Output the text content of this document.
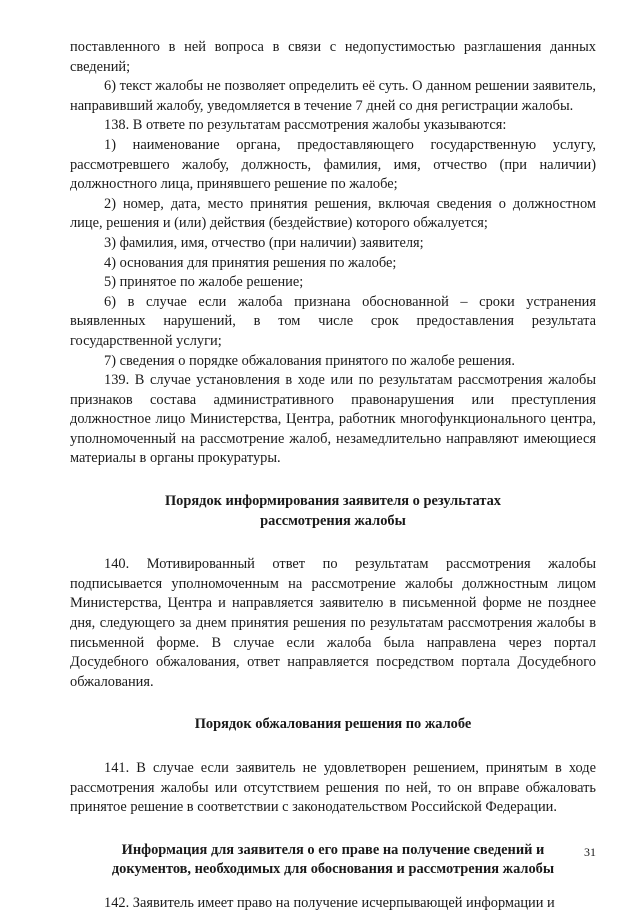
поставленного в ней вопроса в связи с недопустимостью разглашения данных сведений;

6) текст жалобы не позволяет определить её суть. О данном решении заявитель, направивший жалобу, уведомляется в течение 7 дней со дня регистрации жалобы.

138. В ответе по результатам рассмотрения жалобы указываются:

1) наименование органа, предоставляющего государственную услугу, рассмотревшего жалобу, должность, фамилия, имя, отчество (при наличии) должностного лица, принявшего решение по жалобе;

2) номер, дата, место принятия решения, включая сведения о должностном лице, решения и (или) действия (бездействие) которого обжалуется;

3) фамилия, имя, отчество (при наличии) заявителя;

4) основания для принятия решения по жалобе;

5) принятое по жалобе решение;

6) в случае если жалоба признана обоснованной – сроки устранения выявленных нарушений, в том числе срок предоставления результата государственной услуги;

7) сведения о порядке обжалования принятого по жалобе решения.

139. В случае установления в ходе или по результатам рассмотрения жалобы признаков состава административного правонарушения или преступления должностное лицо Министерства, Центра, работник многофункционального центра, уполномоченный на рассмотрение жалоб, незамедлительно направляют имеющиеся материалы в органы прокуратуры.

Порядок информирования заявителя о результатах
рассмотрения жалобы

140. Мотивированный ответ по результатам рассмотрения жалобы подписывается уполномоченным на рассмотрение жалобы должностным лицом Министерства, Центра и направляется заявителю в письменной форме не позднее дня, следующего за днем принятия решения по результатам рассмотрения жалобы в письменной форме. В случае если жалоба была направлена через портал Досудебного обжалования, ответ направляется посредством портала Досудебного обжалования.

Порядок обжалования решения по жалобе

141. В случае если заявитель не удовлетворен решением, принятым в ходе рассмотрения жалобы или отсутствием решения по ней, то он вправе обжаловать принятое решение в соответствии с законодательством Российской Федерации.

Информация для заявителя о его праве на получение сведений и
документов, необходимых для обоснования и рассмотрения жалобы

142. Заявитель имеет право на получение исчерпывающей информации и

31
